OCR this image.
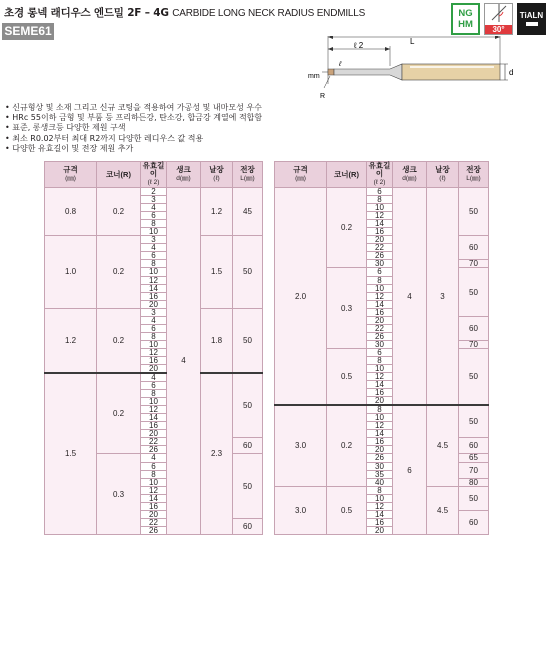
초경 롱넥 래디우스 엔드밀 2F – 4G CARBIDE LONG NECK RADIUS ENDMILLS
SEME61
NG
HM	30°
TiALN
ℓ 2	L
d
ℓ
mm
R
• 신규형상 및 소재 그리고 신규 코팅을 적용하여 가공성 및 내마모성 우수
• HRc 55이하 금형 및 부품 등 프리하든강, 탄소강, 합금강 계열에 적합함
• 표준, 롱생크등 다양한 제원 구색
• 최소 R0.02부터 최대 R2까지 다양한 레디우스 값 적용
• 다양한 유효길이 및 전장 제원 추가
규격
(㎜)	코너(R)	유효길이
(ℓ 2)	생크
d(㎜)	날장
(ℓ)	전장
L(㎜)
0.8	0.2	2	4	1.2	45
		3			
		4			
		6			
		8			
		10			
1.0	0.2	3		1.5	50
		4			
		6			
		8			
		10			
		12			
		14			
		16			
		20			
1.2	0.2	3		1.8	50
		4			
		6			
		8			
		10			
		12			
		16			
		20			
1.5	0.2	4		2.3	50
		6			
		8			
		10			
		12			
		14			
		16			
		20			
		22			60
		26			
	0.3	4			50
		6			
		8			
		10			
		12			
		14			
		16			
		20			
		22			60
		26			
규격
(㎜)	코너(R)	유효길이
(ℓ 2)	생크
d(㎜)	날장
(ℓ)	전장
L(㎜)
2.0	0.2	6	4	3	50
		8			
		10			
		12			
		14			
		16			
		20			60
		22			
		26			
		30			70
	0.3	6			50
		8			
		10			
		12			
		14			
		16			
		20			60
		22			
		26			
		30			70
	0.5	6			50
		8			
		10			
		12			
		14			
		16			
		20			
3.0	0.2	8	6	4.5	50
		10			
		12			
		14			
		16			60
		20			
		26			65
		30			70
		35			
		40			80
3.0	0.5	8		4.5	50
		10			
		12			
		14			60
		16			
		20			
